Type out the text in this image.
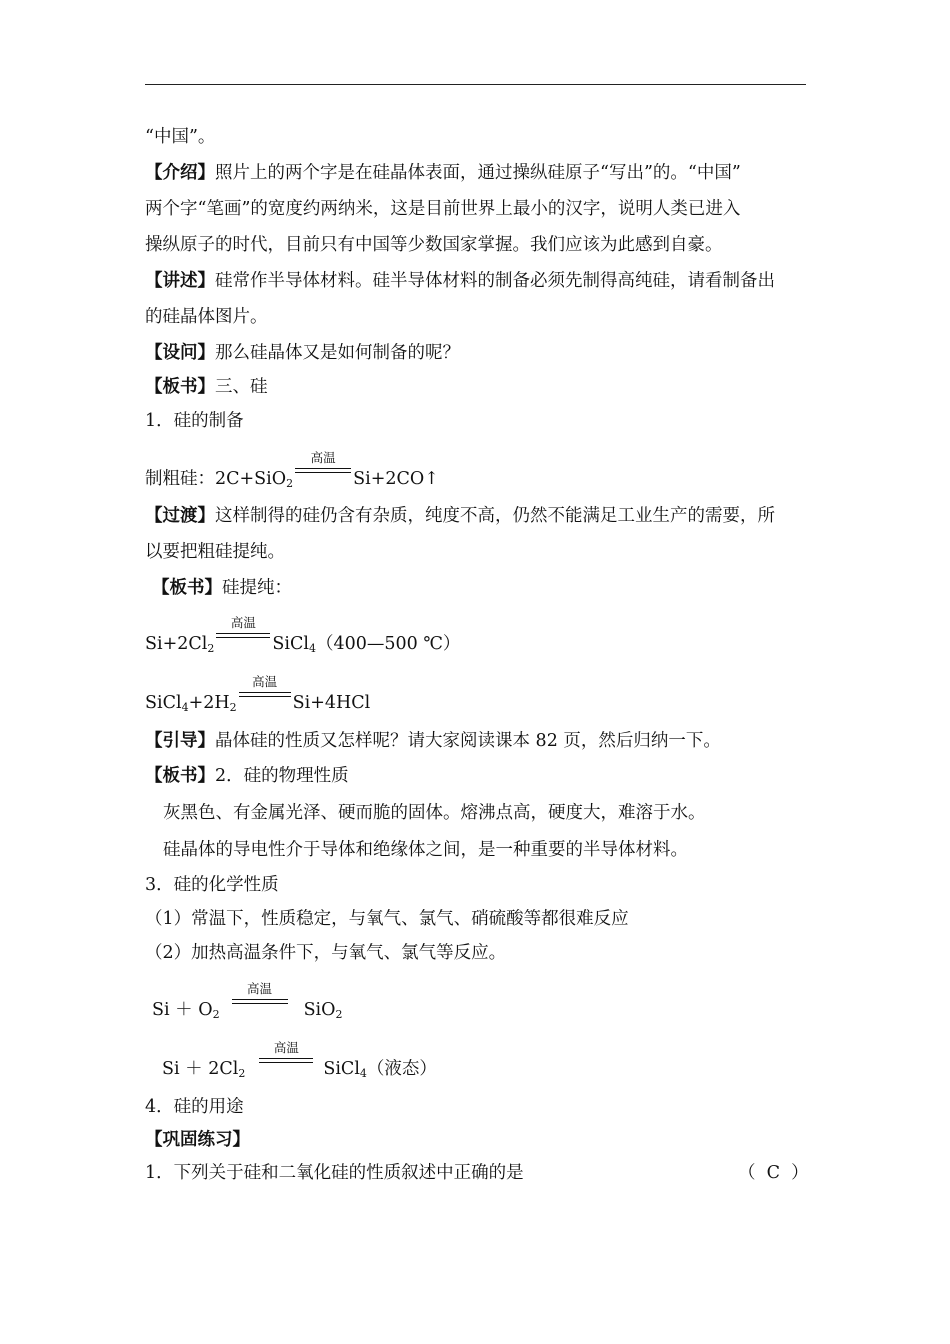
“中国”。
【介绍】照片上的两个字是在硅晶体表面，通过操纵硅原子“写出”的。“中国”
两个字“笔画”的宽度约两纳米，这是目前世界上最小的汉字，说明人类已进入
操纵原子的时代，目前只有中国等少数国家掌握。我们应该为此感到自豪。
【讲述】硅常作半导体材料。硅半导体材料的制备必须先制得高纯硅，请看制备出
的硅晶体图片。
【设问】那么硅晶体又是如何制备的呢？
【板书】三、硅
1．硅的制备
制粗硅：2C+SiO$_2$
高温
Si+2CO↑
【过渡】这样制得的硅仍含有杂质，纯度不高，仍然不能满足工业生产的需要，所
以要把粗硅提纯。
【板书】硅提纯：
$Si+2Cl_2$
高温
SiCl$_4$（400—500 ℃）
$SiCl_4+2H_2$
高温
Si+4HCl
【引导】晶体硅的性质又怎样呢？请大家阅读课本 82 页，然后归纳一下。
【板书】2．硅的物理性质
灰黑色、有金属光泽、硬而脆的固体。熔沸点高，硬度大，难溶于水。
硅晶体的导电性介于导体和绝缘体之间，是一种重要的半导体材料。
3．硅的化学性质
（1）常温下，性质稳定，与氧气、氯气、硝硫酸等都很难反应
（2）加热高温条件下，与氧气、氯气等反应。
$Si + O_2$
高温
SiO$_2$
$Si + 2Cl_2$
高温
SiCl$_4$（液态）
4．硅的用途
【巩固练习】
1．下列关于硅和二氧化硅的性质叙述中正确的是	（  C  ）
